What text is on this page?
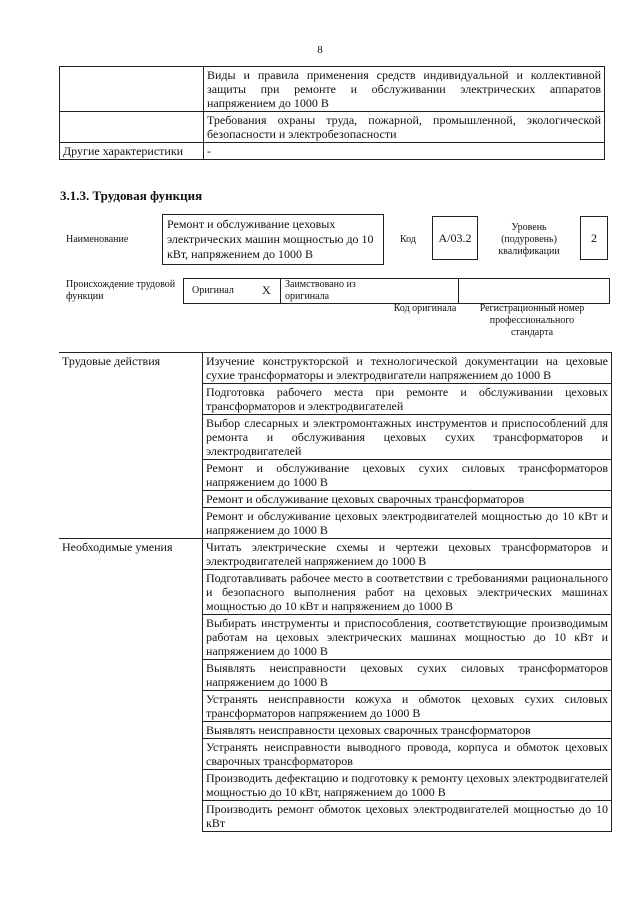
8
	Виды и правила применения средств индивидуальной и коллективной защиты при ремонте и обслуживании электрических аппаратов напряжением до 1000 В
	Требования охраны труда, пожарной, промышленной, экологической безопасности и электробезопасности
Другие характеристики	-
3.1.3. Трудовая функция
Наименование
Ремонт и обслуживание цеховых электрических машин мощностью до 10 кВт, напряжением до 1000 В
Код	A/03.2
Уровень (подуровень) квалификации
2
Происхождение трудовой функции
Оригинал X Заимствовано из оригинала
Код оригинала	Регистрационный номер профессионального стандарта
Трудовые действия	Изучение конструкторской и технологической документации на цеховые сухие трансформаторы и электродвигатели напряжением до 1000 В
	Подготовка рабочего места при ремонте и обслуживании цеховых трансформаторов и электродвигателей
	Выбор слесарных и электромонтажных инструментов и приспособлений для ремонта и обслуживания цеховых сухих трансформаторов и электродвигателей
	Ремонт и обслуживание цеховых сухих силовых трансформаторов напряжением до 1000 В
	Ремонт и обслуживание цеховых сварочных трансформаторов
	Ремонт и обслуживание цеховых электродвигателей мощностью до 10 кВт и напряжением до 1000 В
Необходимые умения	Читать электрические схемы и чертежи цеховых трансформаторов и электродвигателей напряжением до 1000 В
	Подготавливать рабочее место в соответствии с требованиями рационального и безопасного выполнения работ на цеховых электрических машинах мощностью до 10 кВт и напряжением до 1000 В
	Выбирать инструменты и приспособления, соответствующие производимым работам на цеховых электрических машинах мощностью до 10 кВт и напряжением до 1000 В
	Выявлять неисправности цеховых сухих силовых трансформаторов напряжением до 1000 В
	Устранять неисправности кожуха и обмоток цеховых сухих силовых трансформаторов напряжением до 1000 В
	Выявлять неисправности цеховых сварочных трансформаторов
	Устранять неисправности выводного провода, корпуса и обмоток цеховых сварочных трансформаторов
	Производить дефектацию и подготовку к ремонту цеховых электродвигателей мощностью до 10 кВт, напряжением до 1000 В
	Производить ремонт обмоток цеховых электродвигателей мощностью до 10 кВт
